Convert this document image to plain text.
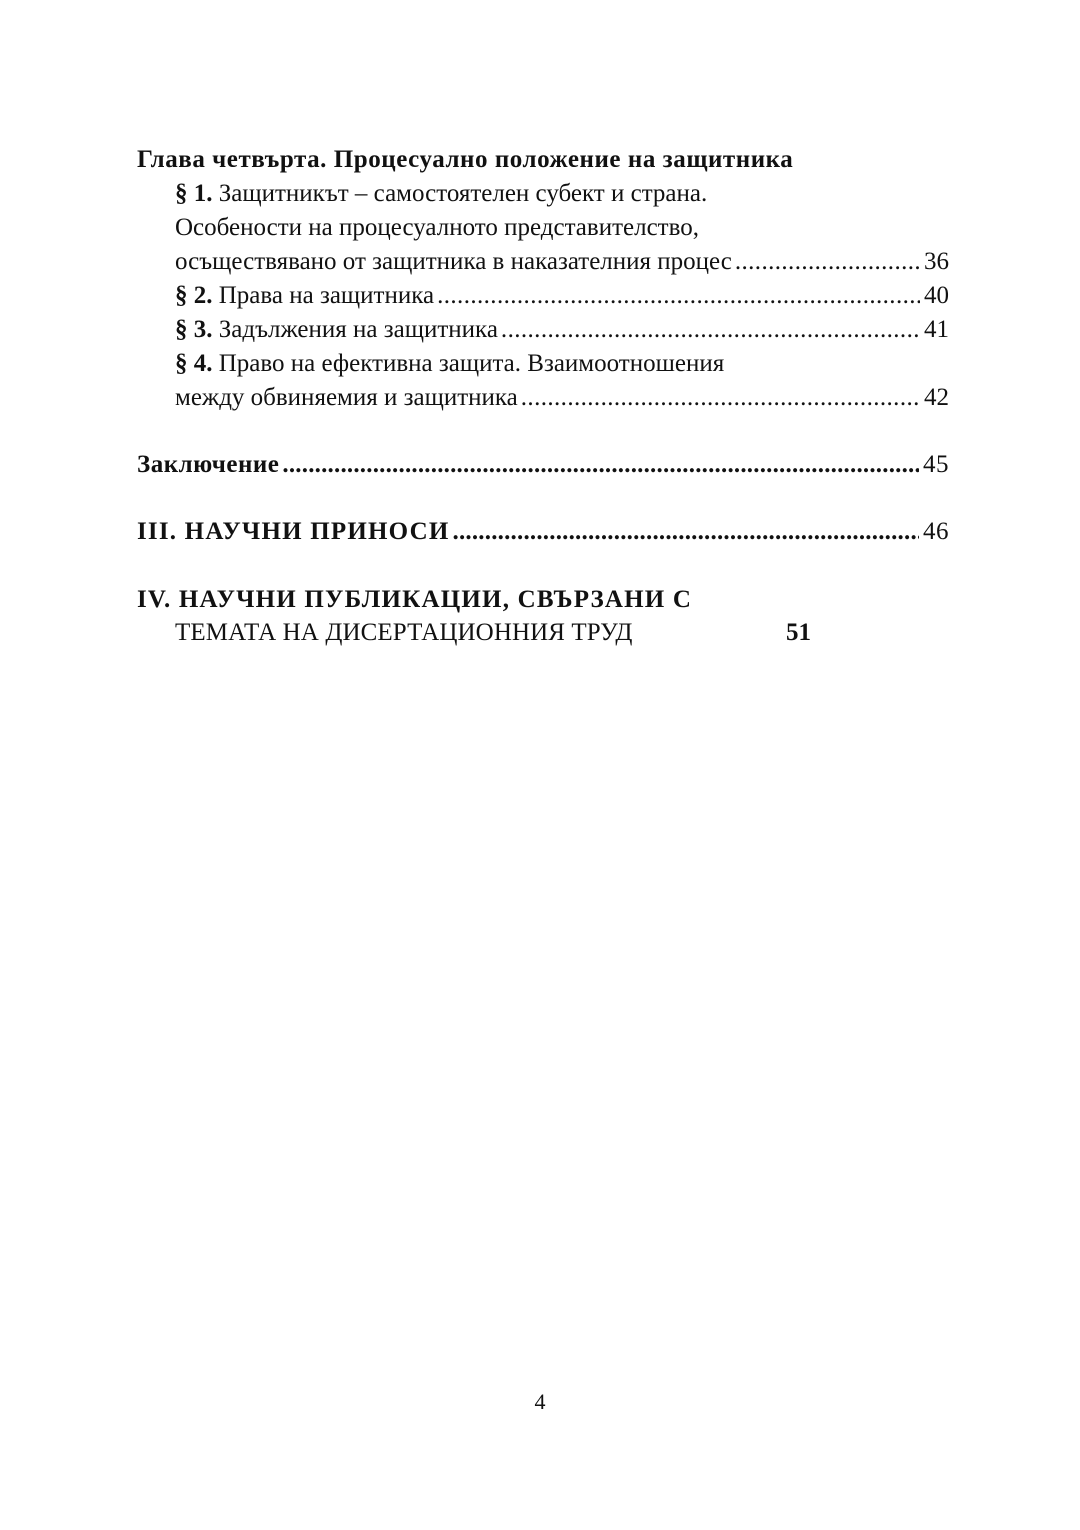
Глава четвърта. Процесуално положение на защитника
§ 1. Защитникът – самостоятелен субект и страна.
Особености на процесуалното представителство,
осъществявано от защитника в наказателния процес .....	36
§ 2. Права на защитника .....	40
§ 3. Задължения на защитника .....	41
§ 4. Право на ефективна защита. Взаимоотношения
между обвиняемия и защитника .....	42
Заключение .....	45
III. НАУЧНИ ПРИНОСИ .....	46
IV. НАУЧНИ ПУБЛИКАЦИИ, СВЪРЗАНИ С
ТЕМАТА НА ДИСЕРТАЦИОННИЯ ТРУД	51
4
